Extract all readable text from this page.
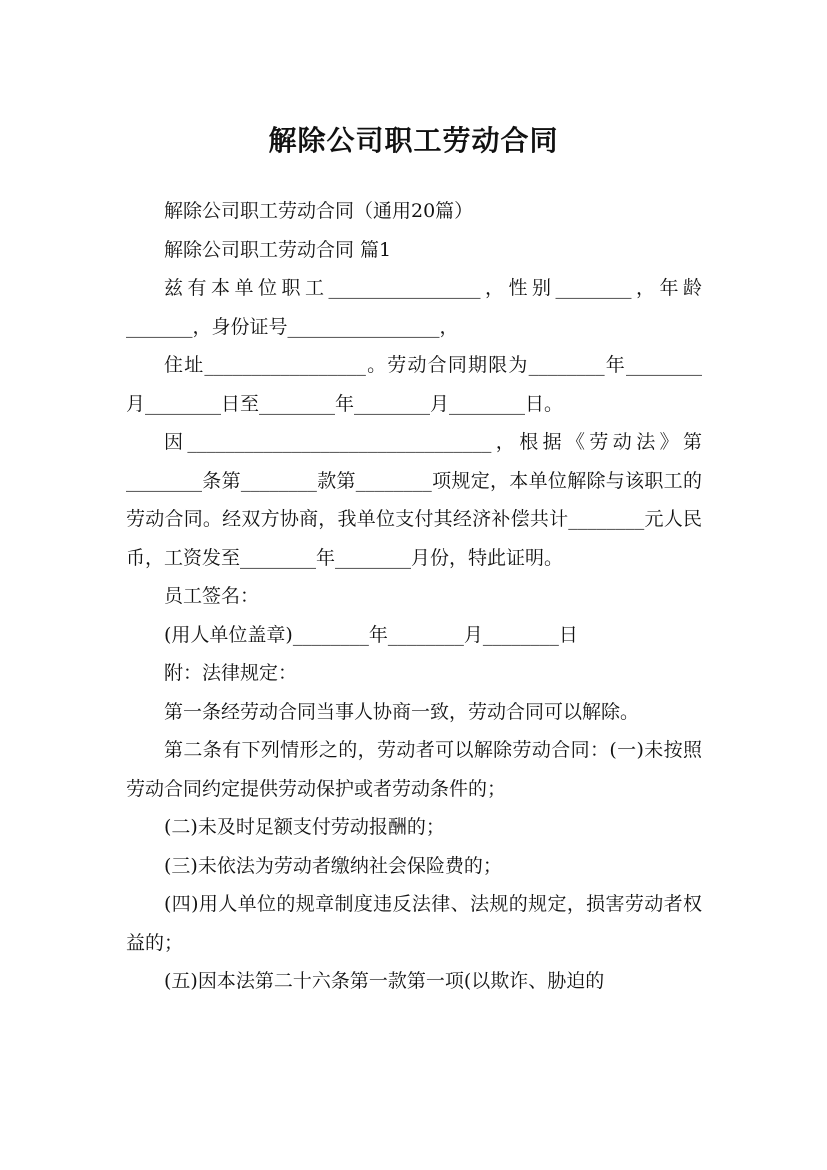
解除公司职工劳动合同

解除公司职工劳动合同（通用20篇）

解除公司职工劳动合同 篇1

兹有本单位职工________________，性别________，年龄_______，身份证号________________，

住址_________________。劳动合同期限为________年________月________日至________年________月________日。

因________________________________，根据《劳动法》第________条第________款第________项规定，本单位解除与该职工的劳动合同。经双方协商，我单位支付其经济补偿共计________元人民币，工资发至________年________月份，特此证明。

员工签名：

(用人单位盖章)________年________月________日

附：法律规定：

第一条经劳动合同当事人协商一致，劳动合同可以解除。

第二条有下列情形之的，劳动者可以解除劳动合同：(一)未按照劳动合同约定提供劳动保护或者劳动条件的；

(二)未及时足额支付劳动报酬的；

(三)未依法为劳动者缴纳社会保险费的；

(四)用人单位的规章制度违反法律、法规的规定，损害劳动者权益的；

(五)因本法第二十六条第一款第一项(以欺诈、胁迫的
